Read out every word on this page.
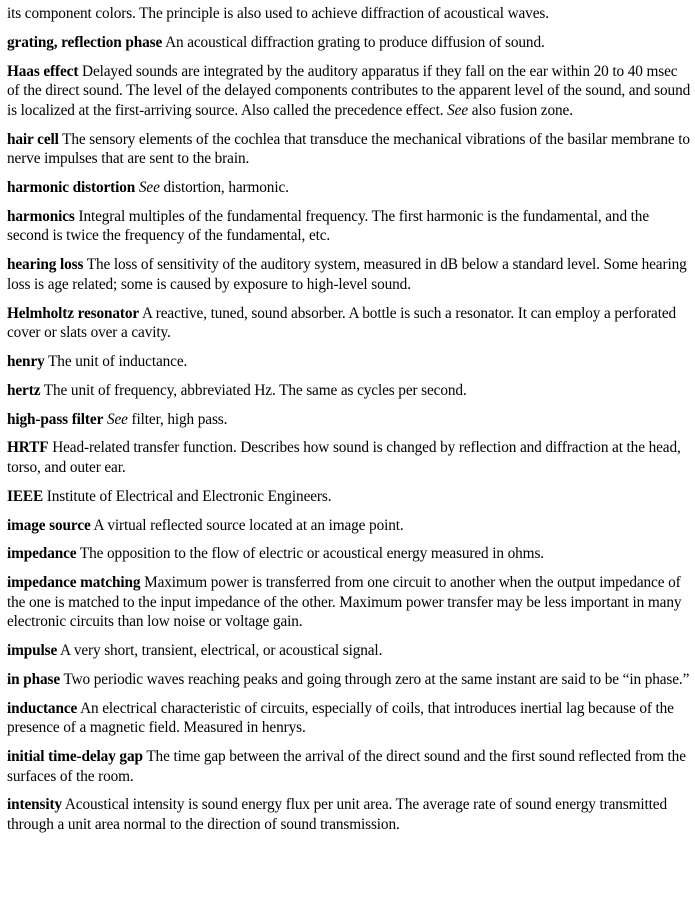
its component colors. The principle is also used to achieve diffraction of acoustical waves.

grating, reflection phase An acoustical diffraction grating to produce diffusion of sound.

Haas effect Delayed sounds are integrated by the auditory apparatus if they fall on the ear within 20 to 40 msec of the direct sound. The level of the delayed components contributes to the apparent level of the sound, and sound is localized at the first-arriving source. Also called the precedence effect. See also fusion zone.

hair cell The sensory elements of the cochlea that transduce the mechanical vibrations of the basilar membrane to nerve impulses that are sent to the brain.

harmonic distortion See distortion, harmonic.

harmonics Integral multiples of the fundamental frequency. The first harmonic is the fundamental, and the second is twice the frequency of the fundamental, etc.

hearing loss The loss of sensitivity of the auditory system, measured in dB below a standard level. Some hearing loss is age related; some is caused by exposure to high-level sound.

Helmholtz resonator A reactive, tuned, sound absorber. A bottle is such a resonator. It can employ a perforated cover or slats over a cavity.

henry The unit of inductance.

hertz The unit of frequency, abbreviated Hz. The same as cycles per second.

high-pass filter See filter, high pass.

HRTF Head-related transfer function. Describes how sound is changed by reflection and diffraction at the head, torso, and outer ear.

IEEE Institute of Electrical and Electronic Engineers.

image source A virtual reflected source located at an image point.

impedance The opposition to the flow of electric or acoustical energy measured in ohms.

impedance matching Maximum power is transferred from one circuit to another when the output impedance of the one is matched to the input impedance of the other. Maximum power transfer may be less important in many electronic circuits than low noise or voltage gain.

impulse A very short, transient, electrical, or acoustical signal.

in phase Two periodic waves reaching peaks and going through zero at the same instant are said to be “in phase.”

inductance An electrical characteristic of circuits, especially of coils, that introduces inertial lag because of the presence of a magnetic field. Measured in henrys.

initial time-delay gap The time gap between the arrival of the direct sound and the first sound reflected from the surfaces of the room.

intensity Acoustical intensity is sound energy flux per unit area. The average rate of sound energy transmitted through a unit area normal to the direction of sound transmission.
